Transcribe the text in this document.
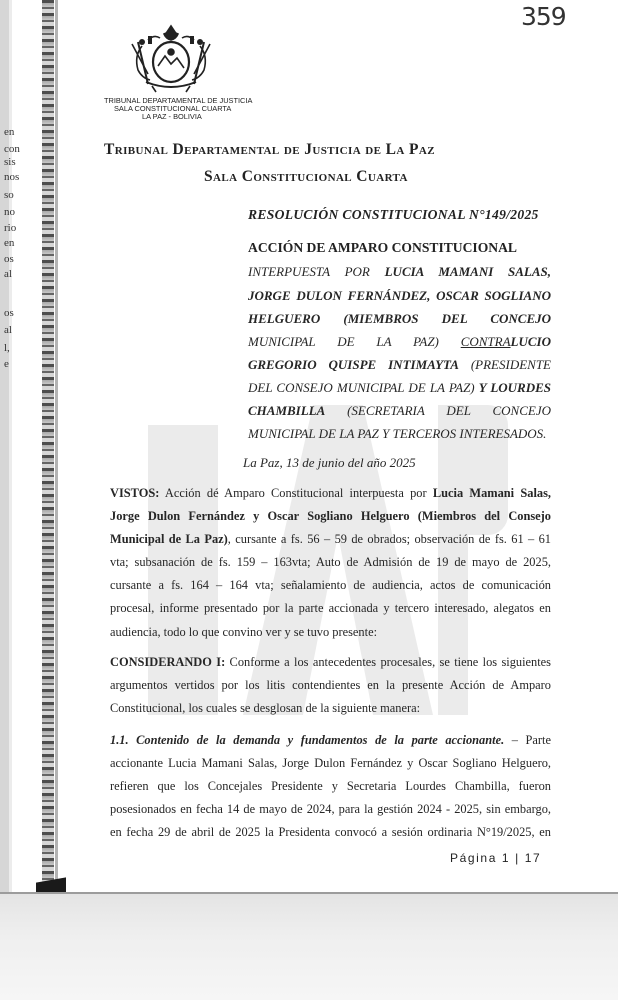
en
con
sis
nos
so
no
rio
en
os
al
os
al
l,
e
359
TRIBUNAL DEPARTAMENTAL DE JUSTICIA
SALA CONSTITUCIONAL CUARTA
LA PAZ - BOLIVIA
Tribunal Departamental de Justicia de La Paz
Sala Constitucional Cuarta
RESOLUCIÓN CONSTITUCIONAL N°149/2025
ACCIÓN DE AMPARO CONSTITUCIONAL
INTERPUESTA POR LUCIA MAMANI SALAS,
JORGE DULON FERNÁNDEZ, OSCAR SOGLIANO
HELGUERO (MIEMBROS DEL CONCEJO
MUNICIPAL DE LA PAZ) CONTRALUCIO
GREGORIO QUISPE INTIMAYTA (PRESIDENTE
DEL CONSEJO MUNICIPAL DE LA PAZ) Y LOURDES
CHAMBILLA (SECRETARIA DEL CONCEJO
MUNICIPAL DE LA PAZ Y TERCEROS INTERESADOS.
La Paz, 13 de junio del año 2025
VISTOS: Acción dé Amparo Constitucional interpuesta por Lucia Mamani Salas,
Jorge Dulon Fernández y Oscar Sogliano Helguero (Miembros del Consejo
Municipal de La Paz), cursante a fs. 56 – 59 de obrados; observación de fs. 61 – 61
vta; subsanación de fs. 159 – 163vta; Auto de Admisión de 19 de mayo de 2025,
cursante a fs. 164 – 164 vta; señalamiento de audiencia, actos de comunicación
procesal, informe presentado por la parte accionada y tercero interesado, alegatos en
audiencia, todo lo que convino ver y se tuvo presente:
CONSIDERANDO I: Conforme a los antecedentes procesales, se tiene los siguientes
argumentos vertidos por los litis contendientes en la presente Acción de Amparo
Constitucional, los cuales se desglosan de la siguiente manera:
1.1. Contenido de la demanda y fundamentos de la parte accionante. – Parte
accionante Lucia Mamani Salas, Jorge Dulon Fernández y Oscar Sogliano Helguero,
refieren que los Concejales Presidente y Secretaria Lourdes Chambilla, fueron
posesionados en fecha 14 de mayo de 2024, para la gestión 2024 - 2025, sin embargo,
en fecha 29 de abril de 2025 la Presidenta convocó a sesión ordinaria N°19/2025, en
Página 1 | 17
